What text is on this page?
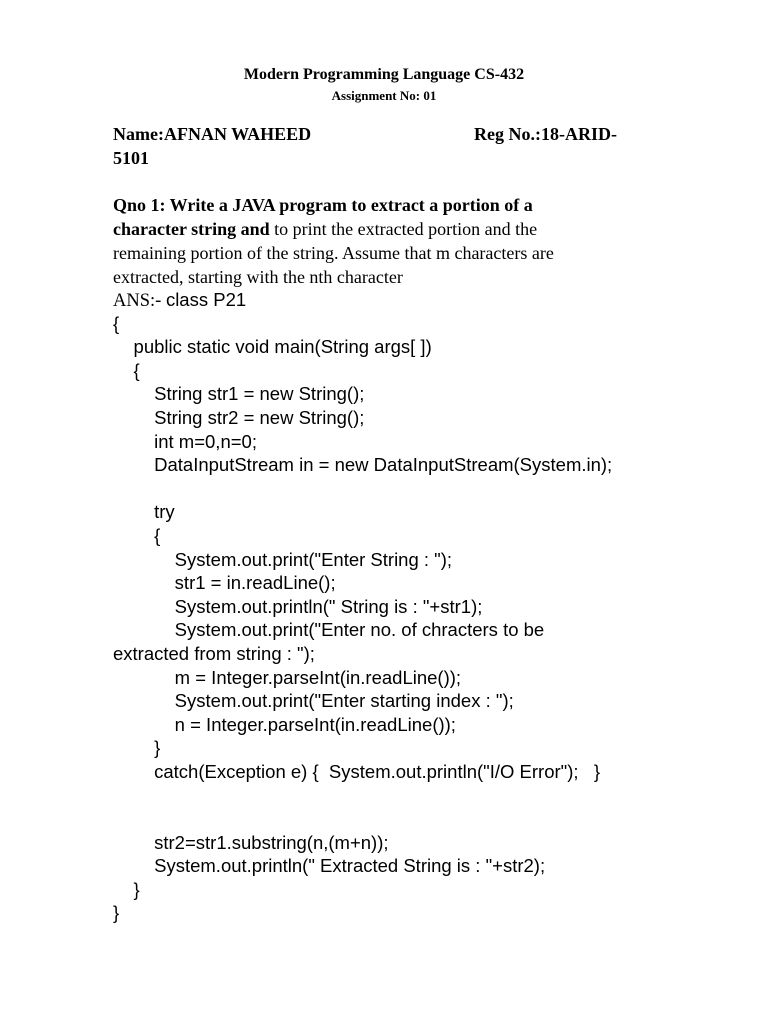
Modern Programming Language CS-432
Assignment No: 01
Name:AFNAN WAHEED	Reg No.:18-ARID-
5101
Qno 1: Write a JAVA program to extract a portion of a
character string and to print the extracted portion and the
remaining portion of the string. Assume that m characters are
extracted, starting with the nth character
ANS:- class P21
{
public static void main(String args[ ])
{
String str1 = new String();
String str2 = new String();
int m=0,n=0;
DataInputStream in = new DataInputStream(System.in);
try
{
System.out.print("Enter String : ");
str1 = in.readLine();
System.out.println(" String is : "+str1);
System.out.print("Enter no. of chracters to be
extracted from string : ");
m = Integer.parseInt(in.readLine());
System.out.print("Enter starting index : ");
n = Integer.parseInt(in.readLine());
}
catch(Exception e) {  System.out.println("I/O Error");   }
str2=str1.substring(n,(m+n));
System.out.println(" Extracted String is : "+str2);
}
}
